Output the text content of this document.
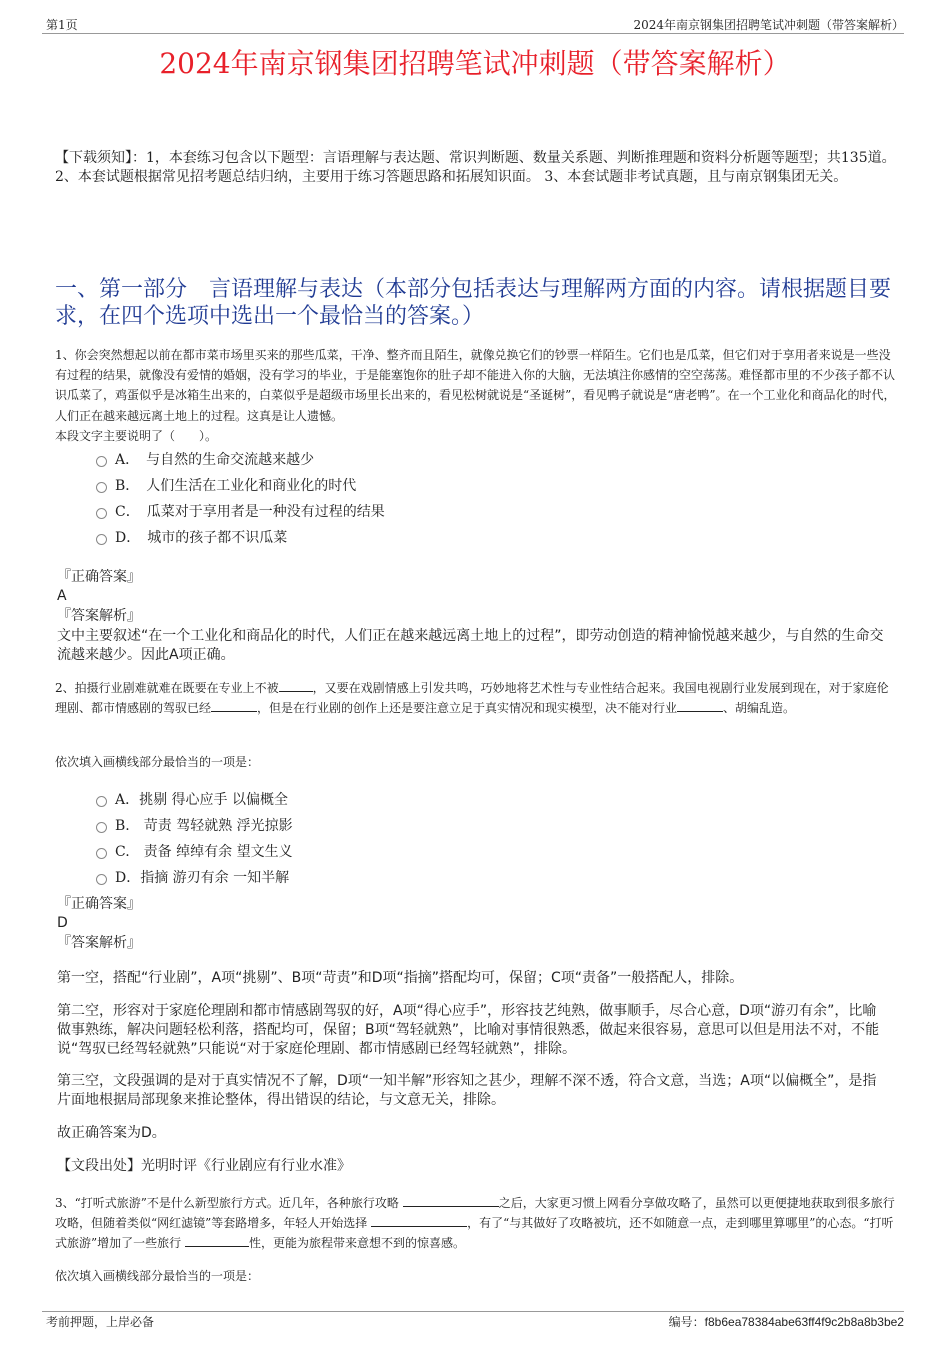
第1页	2024年南京钢集团招聘笔试冲刺题（带答案解析）
2024年南京钢集团招聘笔试冲刺题（带答案解析）
【下载须知】：1，本套练习包含以下题型：言语理解与表达题、常识判断题、数量关系题、判断推理题和资料分析题等题型；共135道。2、本套试题根据常见招考题总结归纳，主要用于练习答题思路和拓展知识面。 3、本套试题非考试真题，且与南京钢集团无关。
一、第一部分　言语理解与表达（本部分包括表达与理解两方面的内容。请根据题目要求，在四个选项中选出一个最恰当的答案。）
1、你会突然想起以前在都市菜市场里买来的那些瓜菜，干净、整齐而且陌生，就像兑换它们的钞票一样陌生。它们也是瓜菜，但它们对于享用者来说是一些没有过程的结果，就像没有爱情的婚姻，没有学习的毕业，于是能塞饱你的肚子却不能进入你的大脑，无法填注你感情的空空荡荡。难怪都市里的不少孩子都不认识瓜菜了，鸡蛋似乎是冰箱生出来的，白菜似乎是超级市场里长出来的，看见松树就说是“圣诞树”，看见鸭子就说是“唐老鸭”。在一个工业化和商品化的时代，人们正在越来越远离土地上的过程。这真是让人遗憾。
本段文字主要说明了（　　）。
A．　与自然的生命交流越来越少
B．　人们生活在工业化和商业化的时代
C．　瓜菜对于享用者是一种没有过程的结果
D．　城市的孩子都不识瓜菜
『正确答案』
A
『答案解析』
文中主要叙述“在一个工业化和商品化的时代，人们正在越来越远离土地上的过程”，即劳动创造的精神愉悦越来越少，与自然的生命交流越来越少。因此A项正确。
2、拍摄行业剧难就难在既要在专业上不被	，又要在戏剧情感上引发共鸣，巧妙地将艺术性与专业性结合起来。我国电视剧行业发展到现在，对于家庭伦理剧、都市情感剧的驾驭已经	，但是在行业剧的创作上还是要注意立足于真实情况和现实模型，决不能对行业	、胡编乱造。
依次填入画横线部分最恰当的一项是：
A．挑剔 得心应手 以偏概全
B.　苛责 驾轻就熟 浮光掠影
C.　责备 绰绰有余 望文生义
D．指摘 游刃有余 一知半解
『正确答案』
D
『答案解析』
第一空，搭配“行业剧”，A项“挑剔”、B项“苛责”和D项“指摘”搭配均可，保留；C项“责备”一般搭配人，排除。
第二空，形容对于家庭伦理剧和都市情感剧驾驭的好，A项“得心应手”，形容技艺纯熟，做事顺手，尽合心意，D项“游刃有余”，比喻做事熟练，解决问题轻松利落，搭配均可，保留；B项“驾轻就熟”，比喻对事情很熟悉，做起来很容易，意思可以但是用法不对，不能说“驾驭已经驾轻就熟”只能说“对于家庭伦理剧、都市情感剧已经驾轻就熟”，排除。
第三空，文段强调的是对于真实情况不了解，D项“一知半解”形容知之甚少，理解不深不透，符合文意，当选；A项“以偏概全”，是指片面地根据局部现象来推论整体，得出错误的结论，与文意无关，排除。
故正确答案为D。
【文段出处】光明时评《行业剧应有行业水准》
3、“打听式旅游”不是什么新型旅行方式。近几年，各种旅行攻略	之后，大家更习惯上网看分享做攻略了，虽然可以更便捷地获取到很多旅行攻略，但随着类似“网红滤镜”等套路增多，年轻人开始选择	，有了“与其做好了攻略被坑，还不如随意一点，走到哪里算哪里”的心态。“打听式旅游”增加了一些旅行	性，更能为旅程带来意想不到的惊喜感。
依次填入画横线部分最恰当的一项是：
考前押题，上岸必备	编号：f8b6ea78384abe63ff4f9c2b8a8b3be2
